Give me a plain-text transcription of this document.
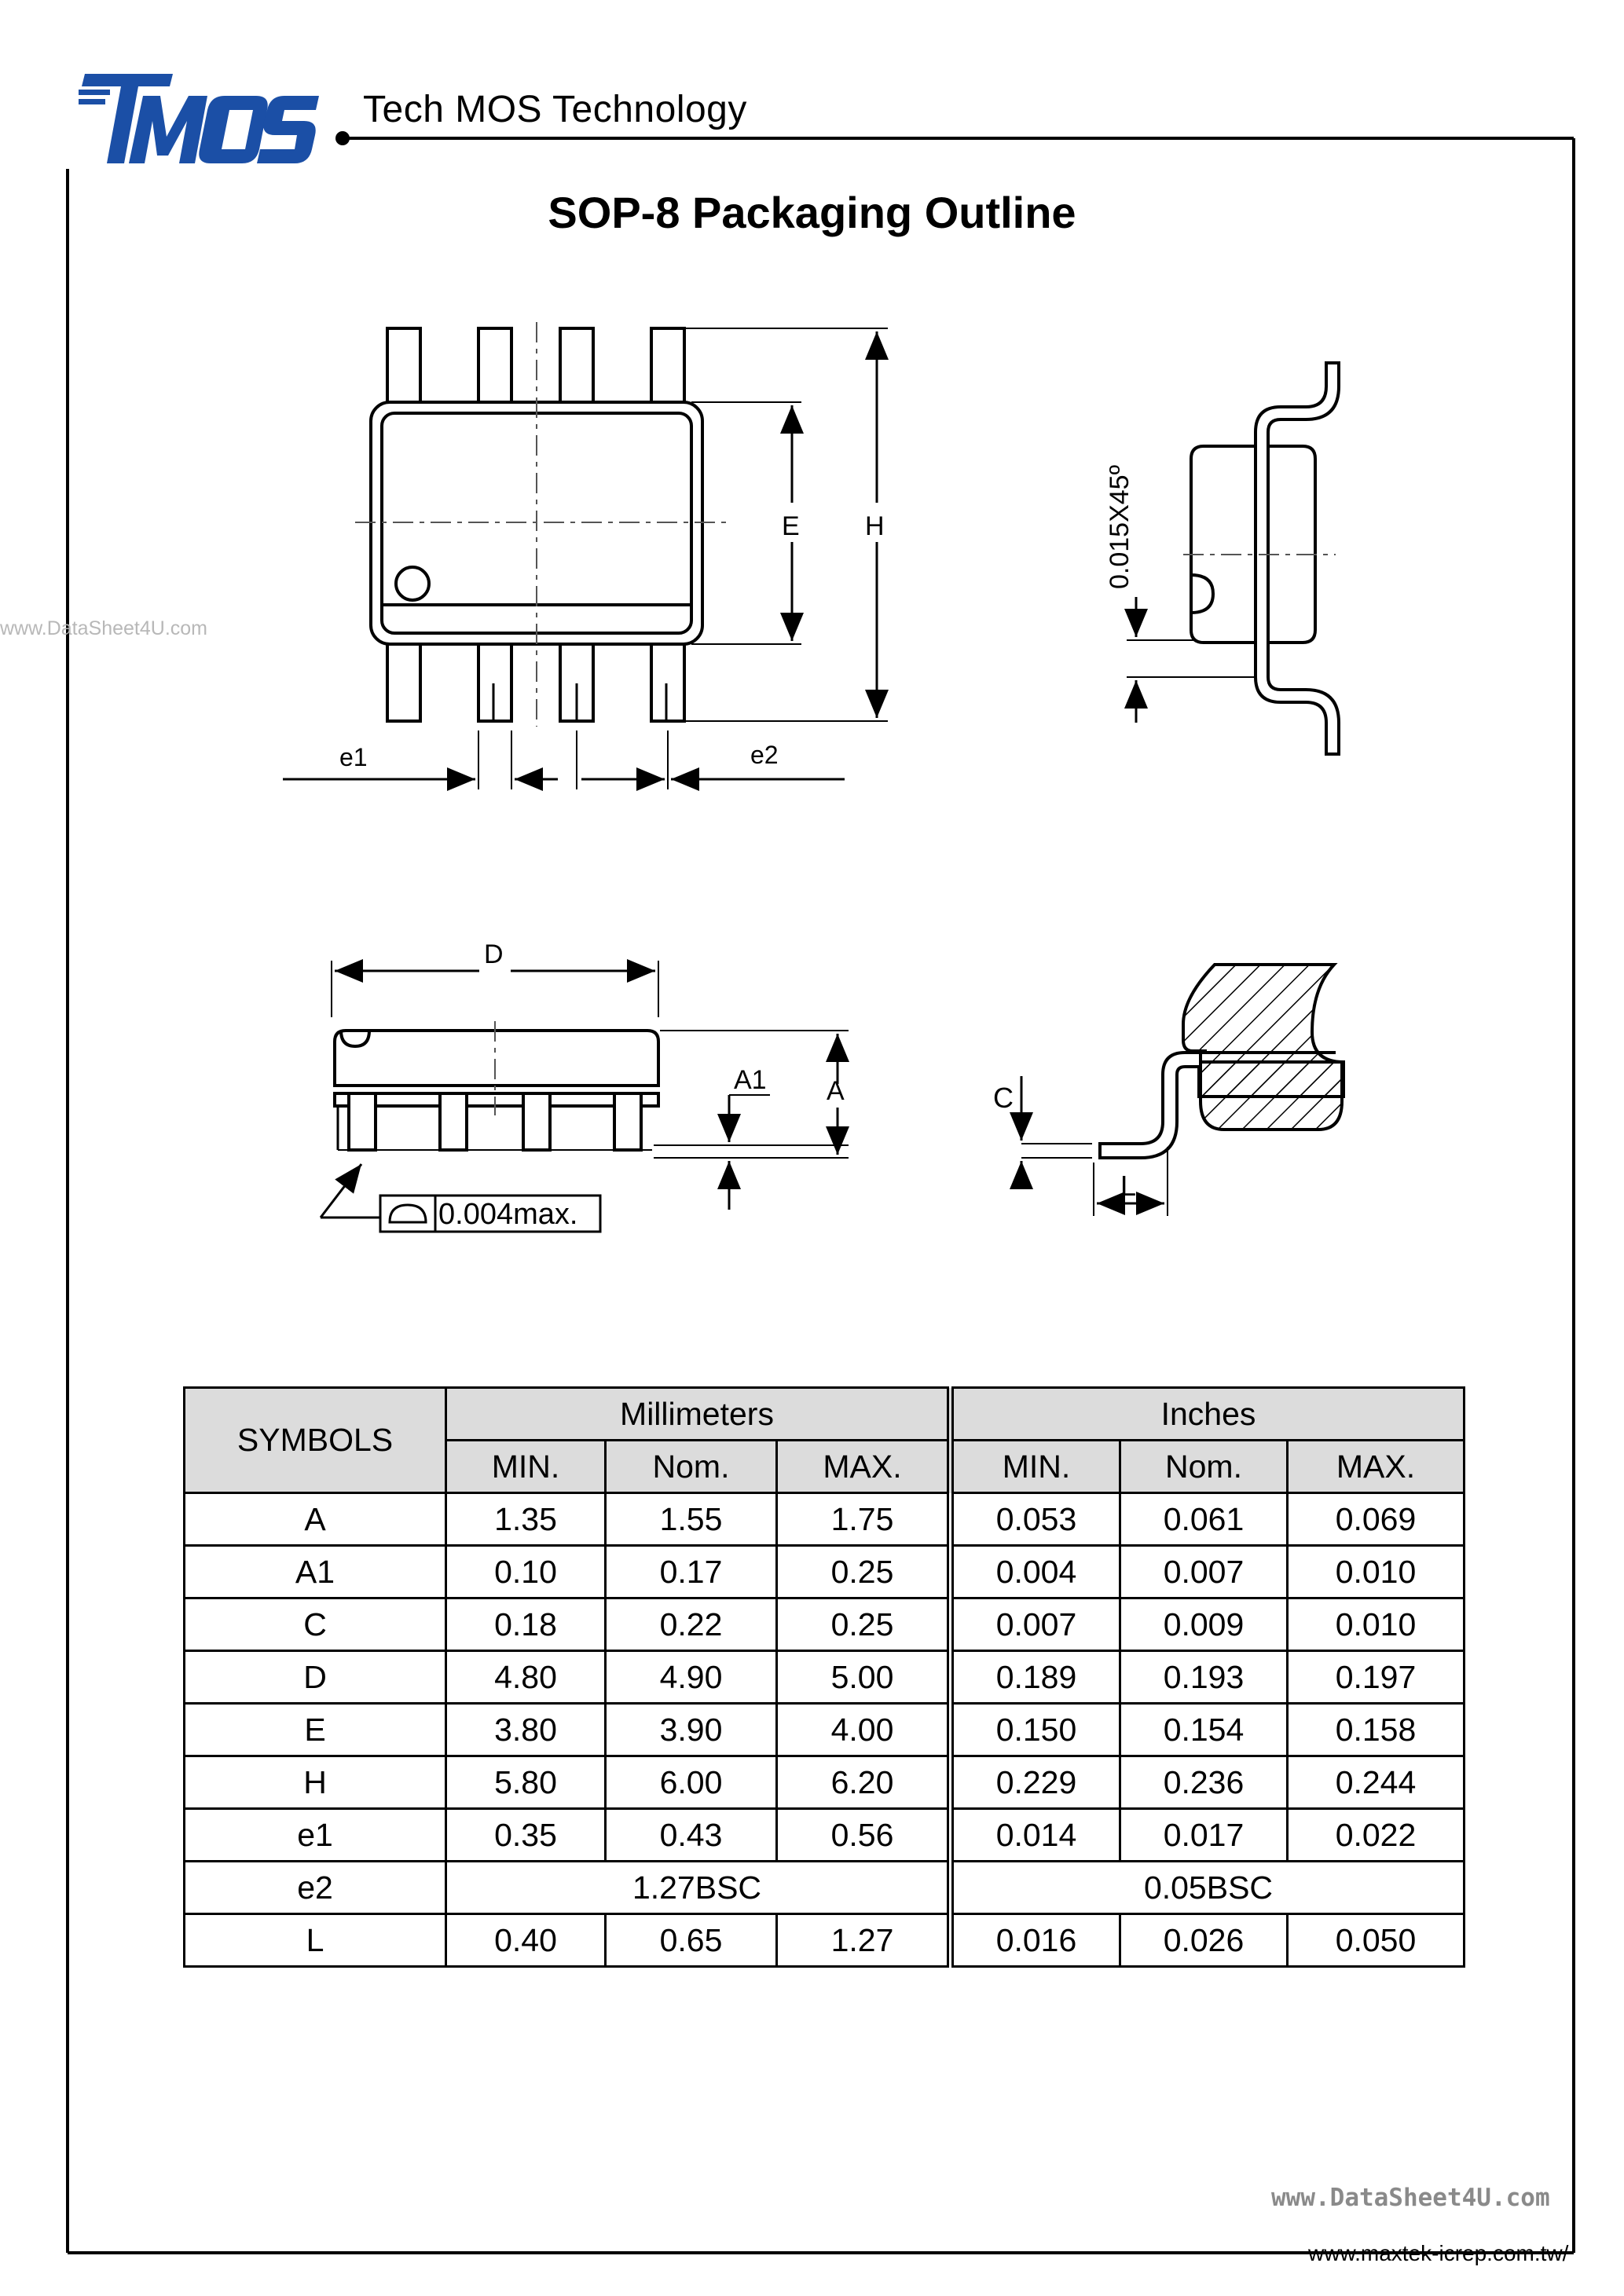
Tech MOS Technology
SOP-8 Packaging Outline
www.DataSheet4U.com
E H
e1	e2
0.015X45º
D
A1 A
0.004max.
C
L
SYMBOLS	Millimeters			Inches		
	MIN.	Nom.	MAX.	MIN.	Nom.	MAX.
A	1.35	1.55	1.75	0.053	0.061	0.069
A1	0.10	0.17	0.25	0.004	0.007	0.010
C	0.18	0.22	0.25	0.007	0.009	0.010
D	4.80	4.90	5.00	0.189	0.193	0.197
E	3.80	3.90	4.00	0.150	0.154	0.158
H	5.80	6.00	6.20	0.229	0.236	0.244
e1	0.35	0.43	0.56	0.014	0.017	0.022
e2	1.27BSC			0.05BSC		
L	0.40	0.65	1.27	0.016	0.026	0.050
www.DataSheet4U.com
www.maxtek-icrep.com.tw/
